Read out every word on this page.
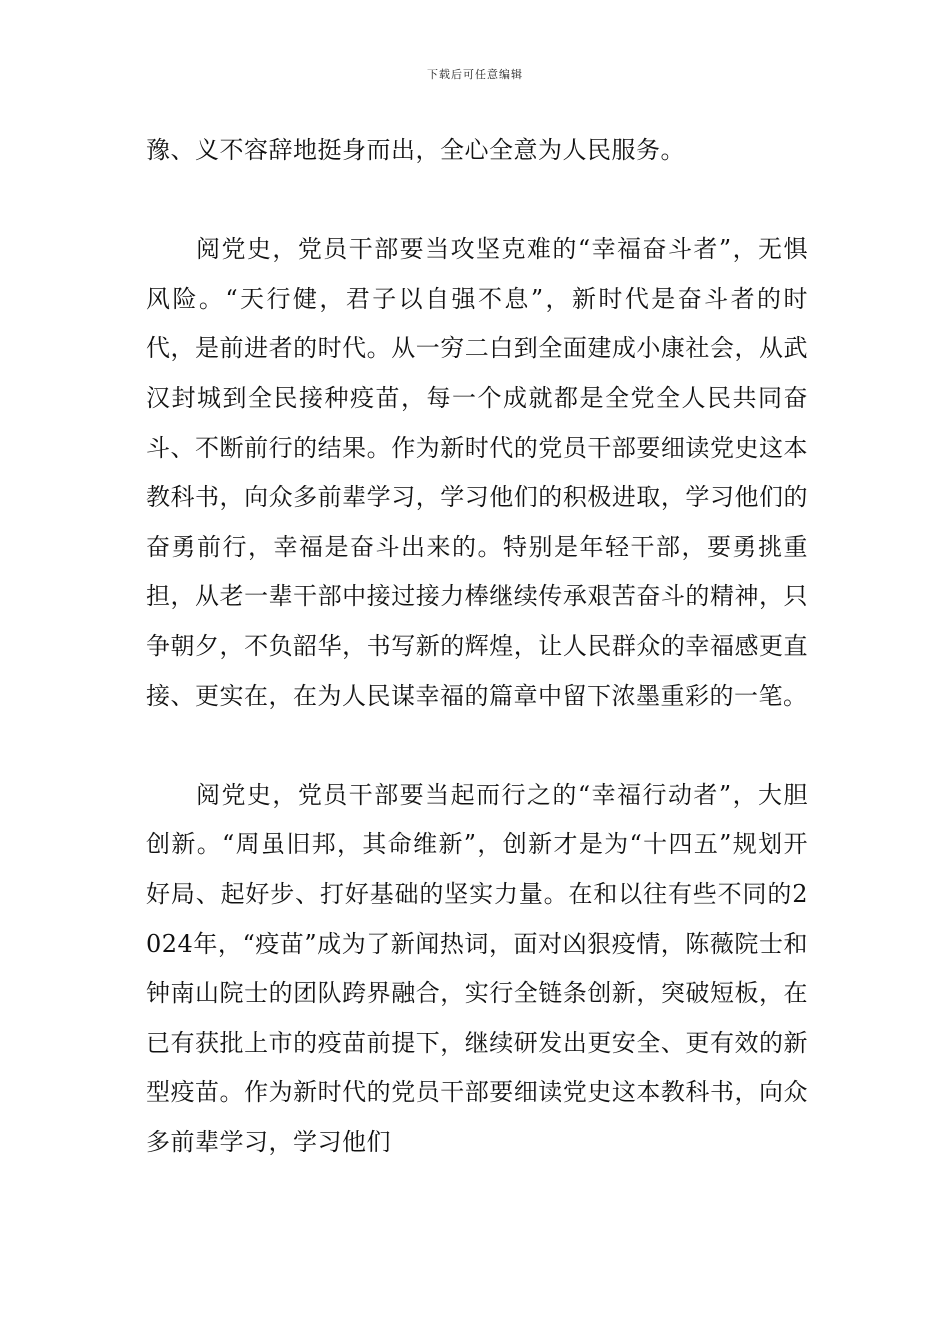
下载后可任意编辑

豫、义不容辞地挺身而出，全心全意为人民服务。

阅党史，党员干部要当攻坚克难的“幸福奋斗者”，无惧风险。“天行健，君子以自强不息”，新时代是奋斗者的时代，是前进者的时代。从一穷二白到全面建成小康社会，从武汉封城到全民接种疫苗，每一个成就都是全党全人民共同奋斗、不断前行的结果。作为新时代的党员干部要细读党史这本教科书，向众多前辈学习，学习他们的积极进取，学习他们的奋勇前行，幸福是奋斗出来的。特别是年轻干部，要勇挑重担，从老一辈干部中接过接力棒继续传承艰苦奋斗的精神，只争朝夕，不负韶华，书写新的辉煌，让人民群众的幸福感更直接、更实在，在为人民谋幸福的篇章中留下浓墨重彩的一笔。

阅党史，党员干部要当起而行之的“幸福行动者”，大胆创新。“周虽旧邦，其命维新”，创新才是为“十四五”规划开好局、起好步、打好基础的坚实力量。在和以往有些不同的2024年，“疫苗”成为了新闻热词，面对凶狠疫情，陈薇院士和钟南山院士的团队跨界融合，实行全链条创新，突破短板，在已有获批上市的疫苗前提下，继续研发出更安全、更有效的新型疫苗。作为新时代的党员干部要细读党史这本教科书，向众多前辈学习，学习他们
